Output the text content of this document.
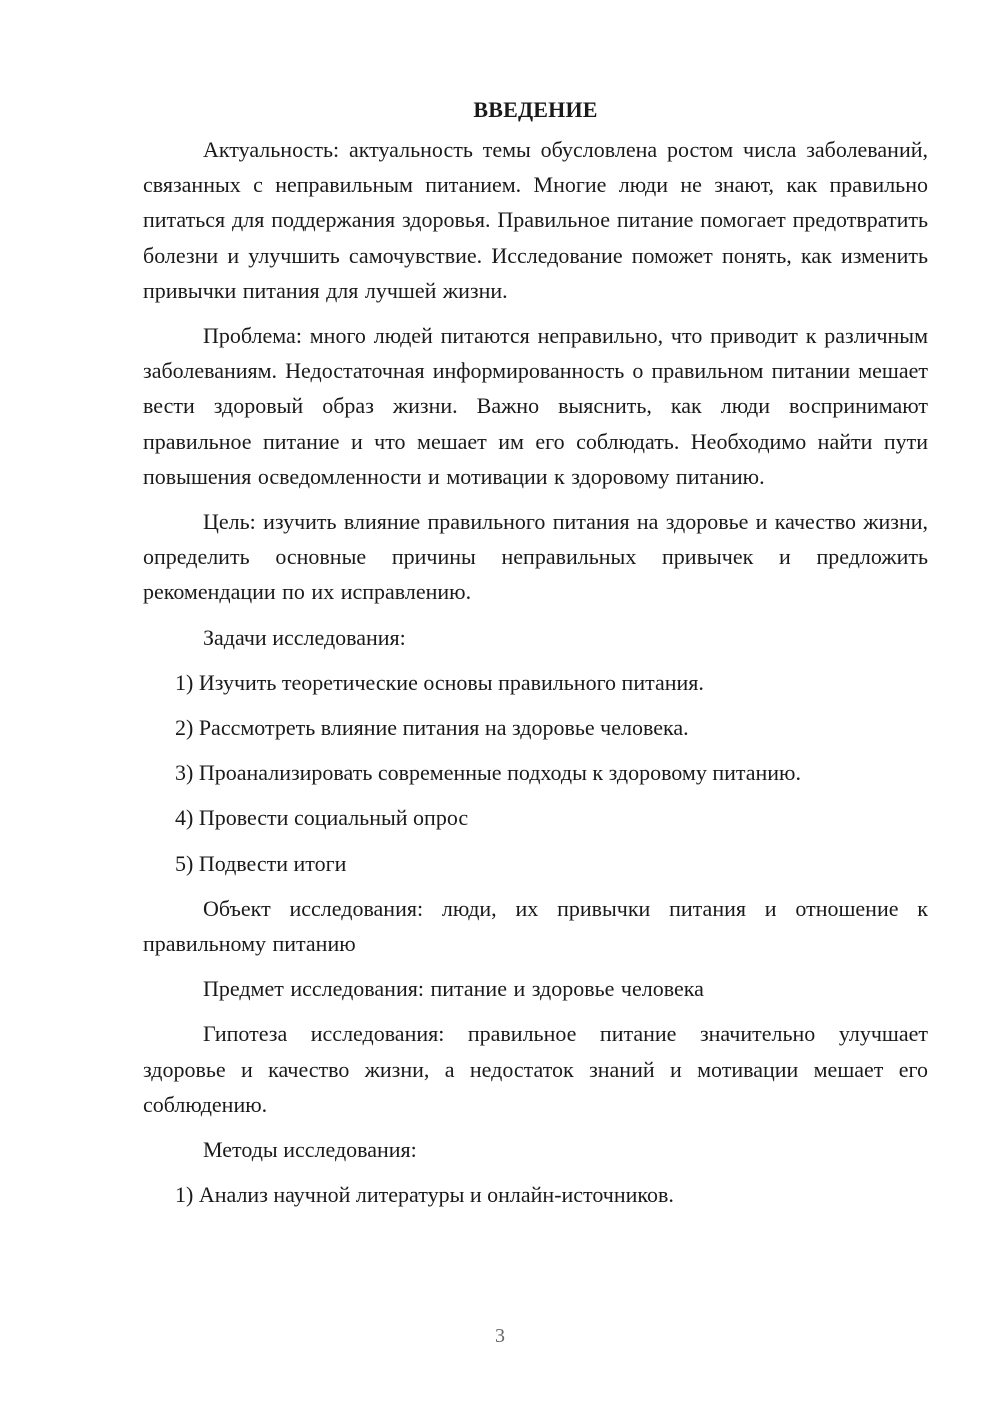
ВВЕДЕНИЕ

Актуальность: актуальность темы обусловлена ростом числа заболеваний, связанных с неправильным питанием. Многие люди не знают, как правильно питаться для поддержания здоровья. Правильное питание помогает предотвратить болезни и улучшить самочувствие. Исследование поможет понять, как изменить привычки питания для лучшей жизни.

Проблема: много людей питаются неправильно, что приводит к различным заболеваниям. Недостаточная информированность о правильном питании мешает вести здоровый образ жизни. Важно выяснить, как люди воспринимают правильное питание и что мешает им его соблюдать. Необходимо найти пути повышения осведомленности и мотивации к здоровому питанию.

Цель: изучить влияние правильного питания на здоровье и качество жизни, определить основные причины неправильных привычек и предложить рекомендации по их исправлению.

Задачи исследования:
1) Изучить теоретические основы правильного питания.
2) Рассмотреть влияние питания на здоровье человека.
3) Проанализировать современные подходы к здоровому питанию.
4) Провести социальный опрос
5) Подвести итоги

Объект исследования: люди, их привычки питания и отношение к правильному питанию

Предмет исследования: питание и здоровье человека

Гипотеза исследования: правильное питание значительно улучшает здоровье и качество жизни, а недостаток знаний и мотивации мешает его соблюдению.

Методы исследования:
1) Анализ научной литературы и онлайн-источников.
3
